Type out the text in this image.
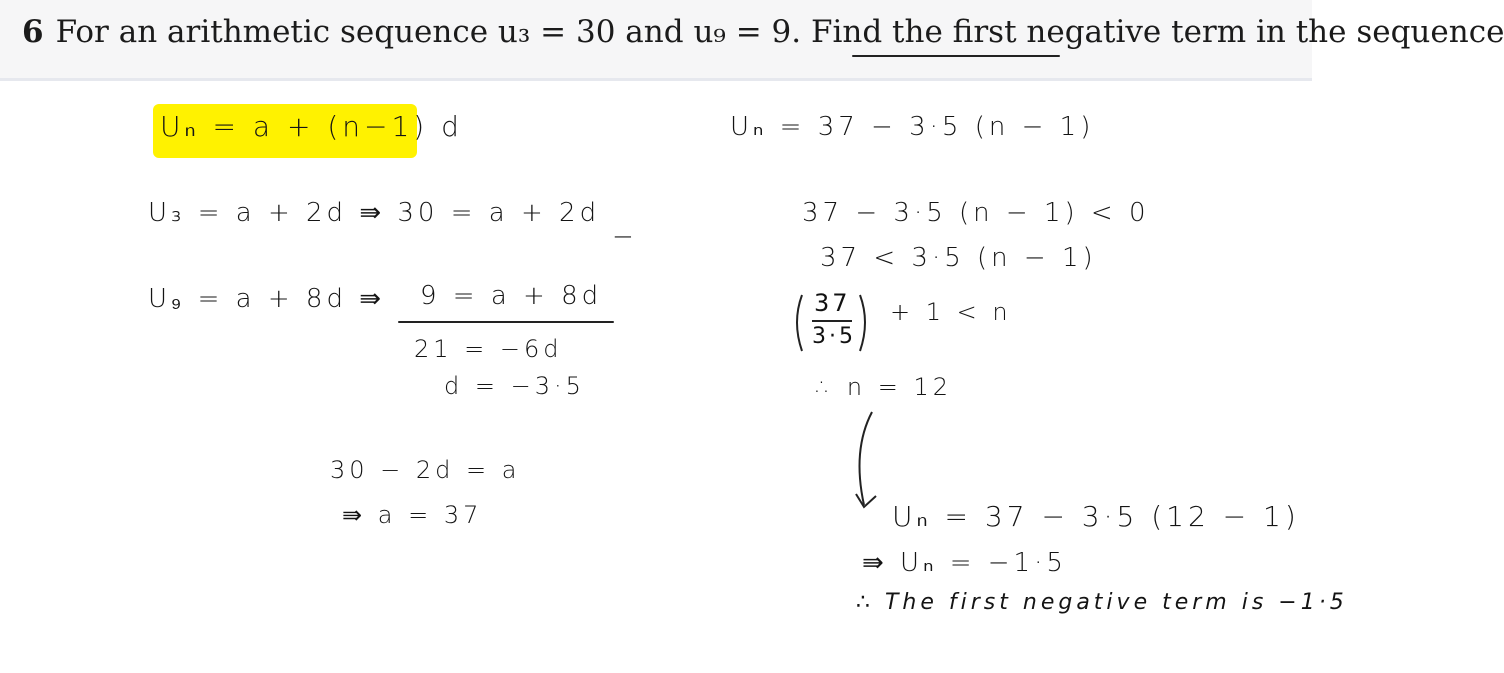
6 For an arithmetic sequence u₃ = 30 and u₉ = 9. Find the first negative term in the sequence
Uₙ = a + (n−1) d
U₃ = a + 2d ⇛ 30 = a + 2d
−
U₉ = a + 8d ⇛ 9 = a + 8d
21 = −6d
d = −3·5
30 − 2d = a
⇛ a = 37
Uₙ = 37 − 3·5 (n − 1)
37 − 3·5 (n − 1) < 0
37 < 3·5 (n − 1)
37
3·5
+ 1 < n
∴ n = 12
Uₙ = 37 − 3·5 (12 − 1)
⇛ Uₙ = −1·5
∴ The first negative term is −1·5
